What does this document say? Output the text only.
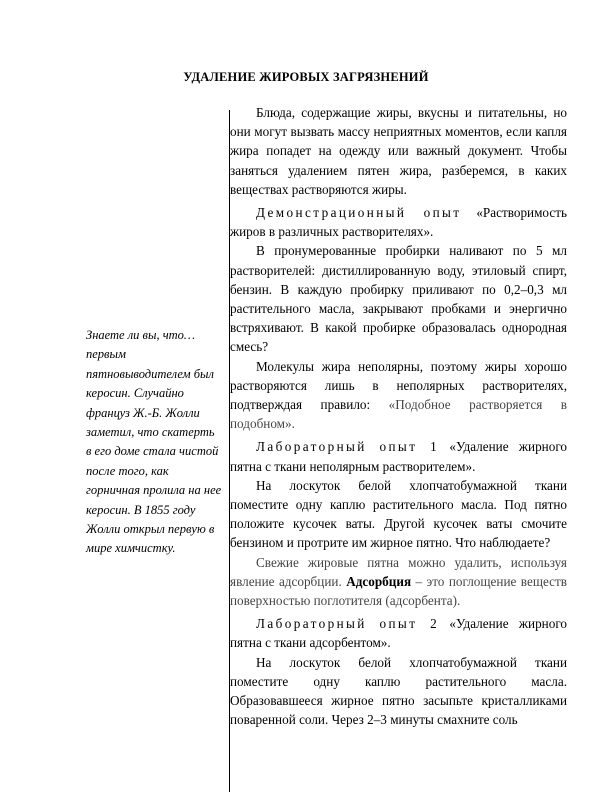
УДАЛЕНИЕ ЖИРОВЫХ ЗАГРЯЗНЕНИЙ
Знаете ли вы, что… первым пятновыводителем был керосин. Случайно француз Ж.-Б. Жолли заметил, что скатерть в его доме стала чистой после того, как горничная пролила на нее керосин. В 1855 году Жолли открыл первую в мире химчистку.

Блюда, содержащие жиры, вкусны и питательны, но они могут вызвать массу неприятных моментов, если капля жира попадет на одежду или важный документ. Чтобы заняться удалением пятен жира, разберемся, в каких веществах растворяются жиры.

Демонстрационный опыт «Растворимость жиров в различных растворителях».

В пронумерованные пробирки наливают по 5 мл растворителей: дистиллированную воду, этиловый спирт, бензин. В каждую пробирку приливают по 0,2–0,3 мл растительного масла, закрывают пробками и энергично встряхивают. В какой пробирке образовалась однородная смесь?

Молекулы жира неполярны, поэтому жиры хорошо растворяются лишь в неполярных растворителях, подтверждая правило: «Подобное растворяется в подобном».

Лабораторный опыт 1 «Удаление жирного пятна с ткани неполярным растворителем».

На лоскуток белой хлопчатобумажной ткани поместите одну каплю растительного масла. Под пятно положите кусочек ваты. Другой кусочек ваты смочите бензином и протрите им жирное пятно. Что наблюдаете?

Свежие жировые пятна можно удалить, используя явление адсорбции. Адсорбция – это поглощение веществ поверхностью поглотителя (адсорбента).

Лабораторный опыт 2 «Удаление жирного пятна с ткани адсорбентом».

На лоскуток белой хлопчатобумажной ткани поместите одну каплю растительного масла. Образовавшееся жирное пятно засыпьте кристалликами поваренной соли. Через 2–3 минуты смахните соль
